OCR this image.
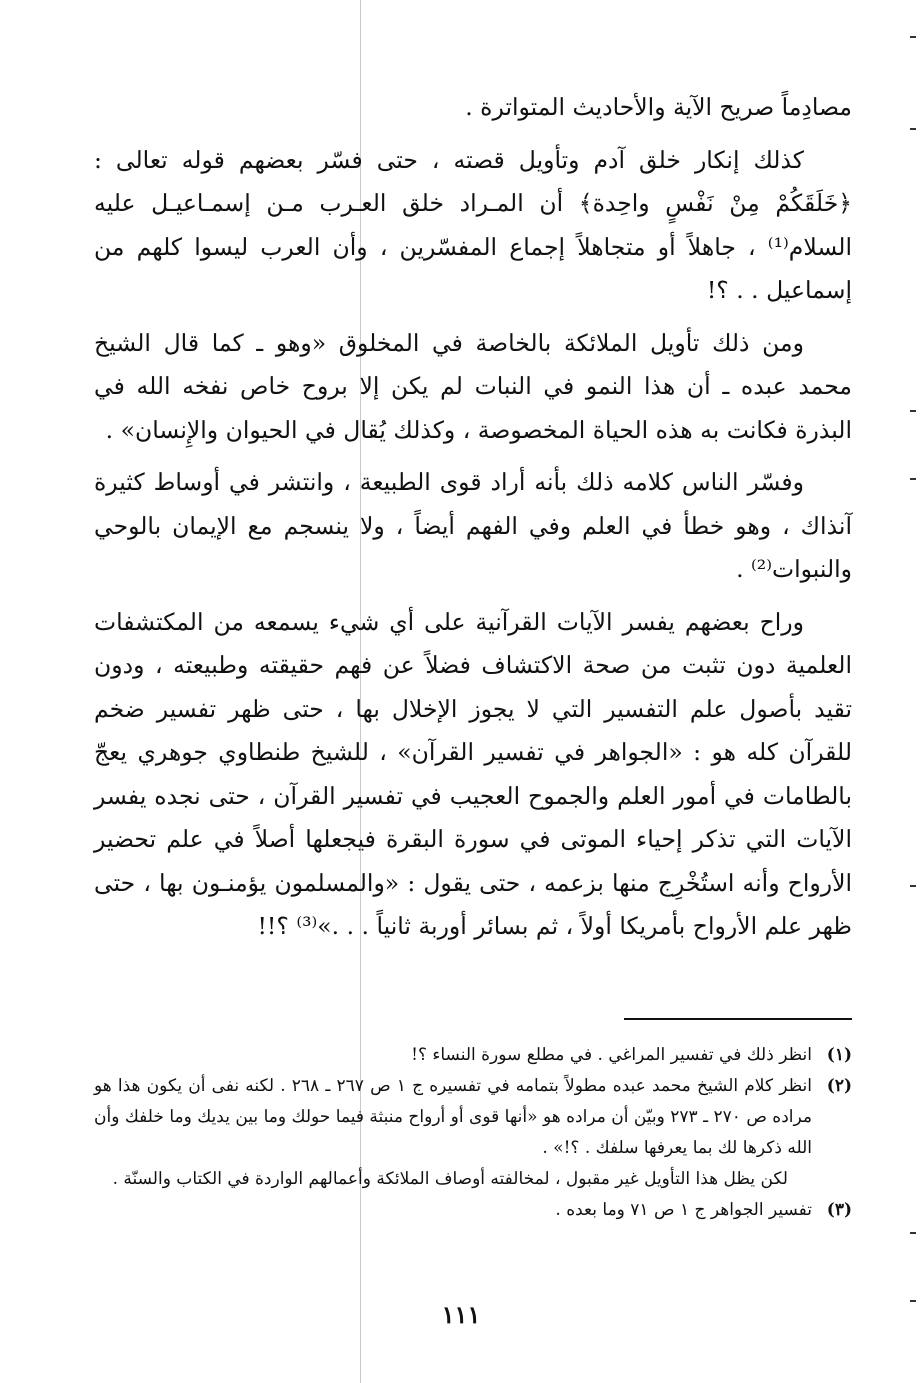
مصادِماً صريح الآية والأحاديث المتواترة .

كذلك إنكار خلق آدم وتأويل قصته ، حتى فسّر بعضهم قوله تعالى : ﴿خَلَقَكُمْ مِنْ نَفْسٍ واحِدة﴾ أن المـراد خلق العـرب مـن إسمـاعيـل عليه السلام⁽¹⁾ ، جاهلاً أو متجاهلاً إجماع المفسّرين ، وأن العرب ليسوا كلهم من إسماعيل . . ؟!

ومن ذلك تأويل الملائكة بالخاصة في المخلوق «وهو ـ كما قال الشيخ محمد عبده ـ أن هذا النمو في النبات لم يكن إلا بروح خاص نفخه الله في البذرة فكانت به هذه الحياة المخصوصة ، وكذلك يُقال في الحيوان والإِنسان» .

وفسّر الناس كلامه ذلك بأنه أراد قوى الطبيعة ، وانتشر في أوساط كثيرة آنذاك ، وهو خطأ في العلم وفي الفهم أيضاً ، ولا ينسجم مع الإيمان بالوحي والنبوات⁽²⁾ .

وراح بعضهم يفسر الآيات القرآنية على أي شيء يسمعه من المكتشفات العلمية دون تثبت من صحة الاكتشاف فضلاً عن فهم حقيقته وطبيعته ، ودون تقيد بأصول علم التفسير التي لا يجوز الإخلال بها ، حتى ظهر تفسير ضخم للقرآن كله هو : «الجواهر في تفسير القرآن» ، للشيخ طنطاوي جوهري يعجّ بالطامات في أمور العلم والجموح العجيب في تفسير القرآن ، حتى نجده يفسر الآيات التي تذكر إحياء الموتى في سورة البقرة فيجعلها أصلاً في علم تحضير الأرواح وأنه استُخْرِج منها بزعمه ، حتى يقول : «والمسلمون يؤمنـون بها ، حتى ظهر علم الأرواح بأمريكا أولاً ، ثم بسائر أوربة ثانياً . . .»⁽³⁾ ؟!!

(١)

انظر ذلك في تفسير المراغي . في مطلع سورة النساء ؟!

(٢)

انظر كلام الشيخ محمد عبده مطولاً بتمامه في تفسيره ج ١ ص ٢٦٧ ـ ٢٦٨ . لكنه نفى أن يكون هذا هو مراده ص ٢٧٠ ـ ٢٧٣ وبيّن أن مراده هو «أنها قوى أو أرواح منبثة فيما حولك وما بين يديك وما خلفك وأن الله ذكرها لك بما يعرفها سلفك . ؟!» .

لكن يظل هذا التأويل غير مقبول ، لمخالفته أوصاف الملائكة وأعمالهم الواردة في الكتاب والسنّة .

(٣)

تفسير الجواهر ج ١ ص ٧١ وما بعده .

١١١
